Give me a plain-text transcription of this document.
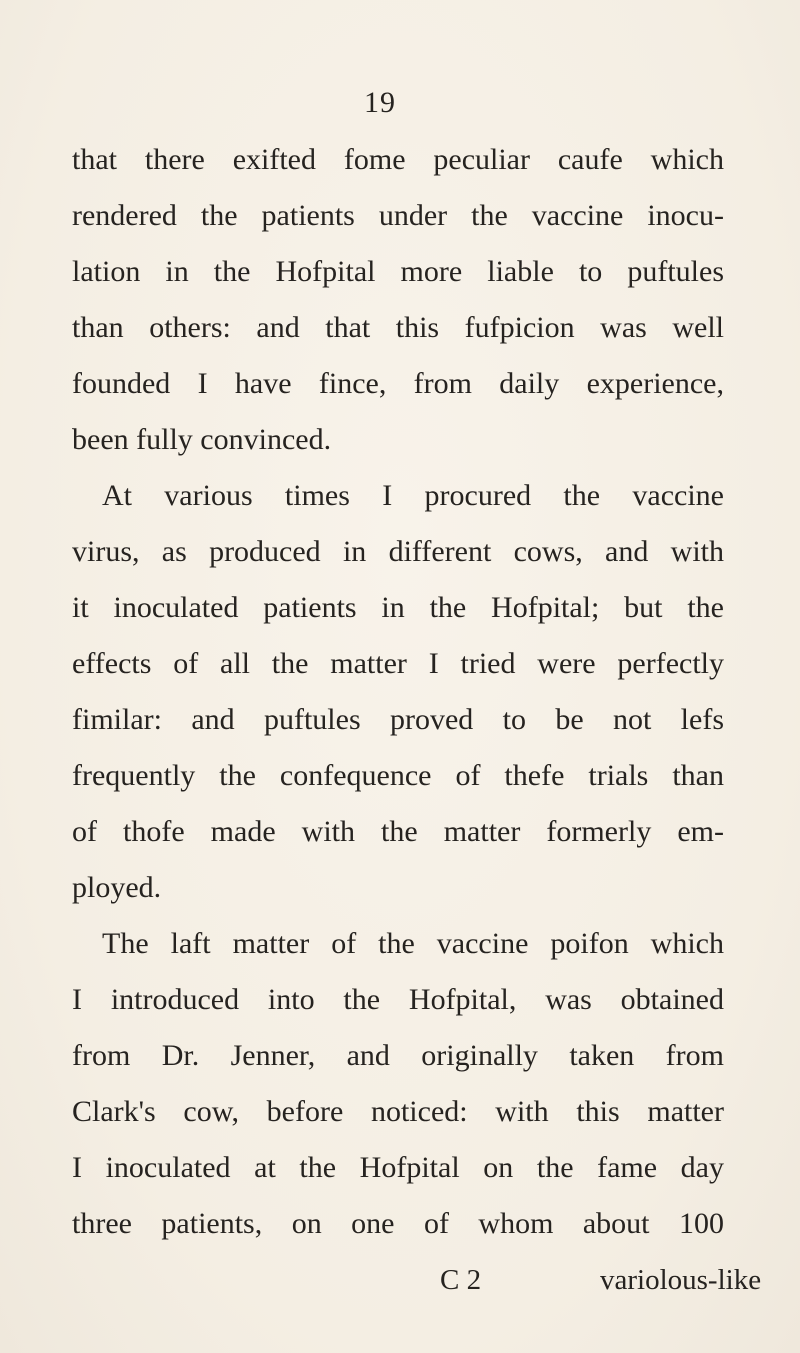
19
that there exifted fome peculiar caufe which
rendered the patients under the vaccine inocu-
lation in the Hofpital more liable to puftules
than others: and that this fufpicion was well
founded I have fince, from daily experience,
been fully convinced.
At various times I procured the vaccine
virus, as produced in different cows, and with
it inoculated patients in the Hofpital; but the
effects of all the matter I tried were perfectly
fimilar: and puftules proved to be not lefs
frequently the confequence of thefe trials than
of thofe made with the matter formerly em-
ployed.
The laft matter of the vaccine poifon which
I introduced into the Hofpital, was obtained
from Dr. Jenner, and originally taken from
Clark's cow, before noticed: with this matter
I inoculated at the Hofpital on the fame day
three patients, on one of whom about 100
C 2	variolous-like
